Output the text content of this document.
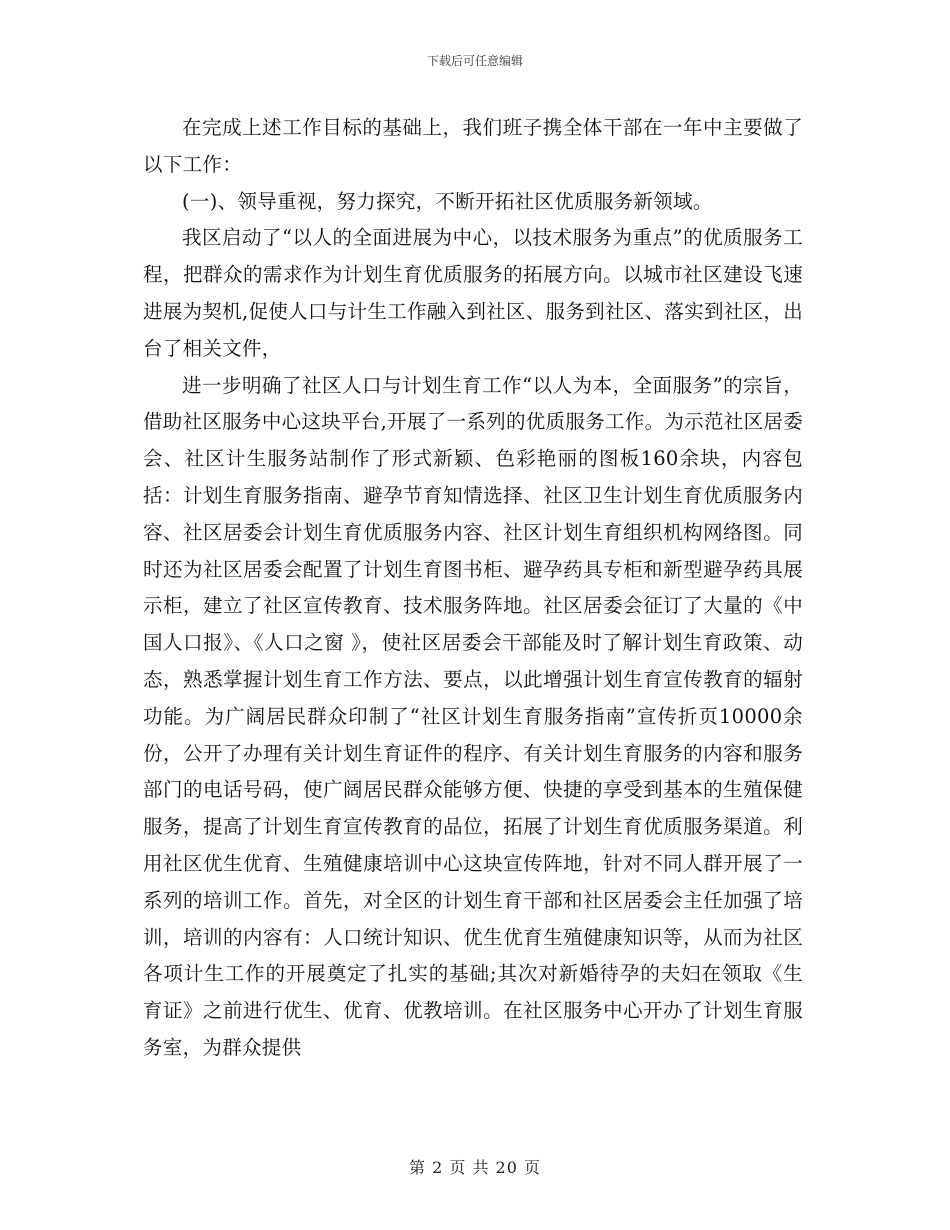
下载后可任意编辑

在完成上述工作目标的基础上，我们班子携全体干部在一年中主要做了以下工作：

(一)、领导重视，努力探究，不断开拓社区优质服务新领域。

我区启动了“以人的全面进展为中心，以技术服务为重点”的优质服务工程，把群众的需求作为计划生育优质服务的拓展方向。以城市社区建设飞速进展为契机,促使人口与计生工作融入到社区、服务到社区、落实到社区，出台了相关文件，

进一步明确了社区人口与计划生育工作“以人为本，全面服务”的宗旨，借助社区服务中心这块平台,开展了一系列的优质服务工作。为示范社区居委会、社区计生服务站制作了形式新颖、色彩艳丽的图板160余块，内容包括：计划生育服务指南、避孕节育知情选择、社区卫生计划生育优质服务内容、社区居委会计划生育优质服务内容、社区计划生育组织机构网络图。同时还为社区居委会配置了计划生育图书柜、避孕药具专柜和新型避孕药具展示柜，建立了社区宣传教育、技术服务阵地。社区居委会征订了大量的《中国人口报》、《人口之窗 》，使社区居委会干部能及时了解计划生育政策、动态，熟悉掌握计划生育工作方法、要点，以此增强计划生育宣传教育的辐射功能。为广阔居民群众印制了“社区计划生育服务指南”宣传折页10000余份，公开了办理有关计划生育证件的程序、有关计划生育服务的内容和服务部门的电话号码，使广阔居民群众能够方便、快捷的享受到基本的生殖保健服务，提高了计划生育宣传教育的品位，拓展了计划生育优质服务渠道。利用社区优生优育、生殖健康培训中心这块宣传阵地，针对不同人群开展了一系列的培训工作。首先，对全区的计划生育干部和社区居委会主任加强了培训，培训的内容有：人口统计知识、优生优育生殖健康知识等，从而为社区各项计生工作的开展奠定了扎实的基础;其次对新婚待孕的夫妇在领取《生育证》之前进行优生、优育、优教培训。在社区服务中心开办了计划生育服务室，为群众提供

第 2 页 共 20 页
